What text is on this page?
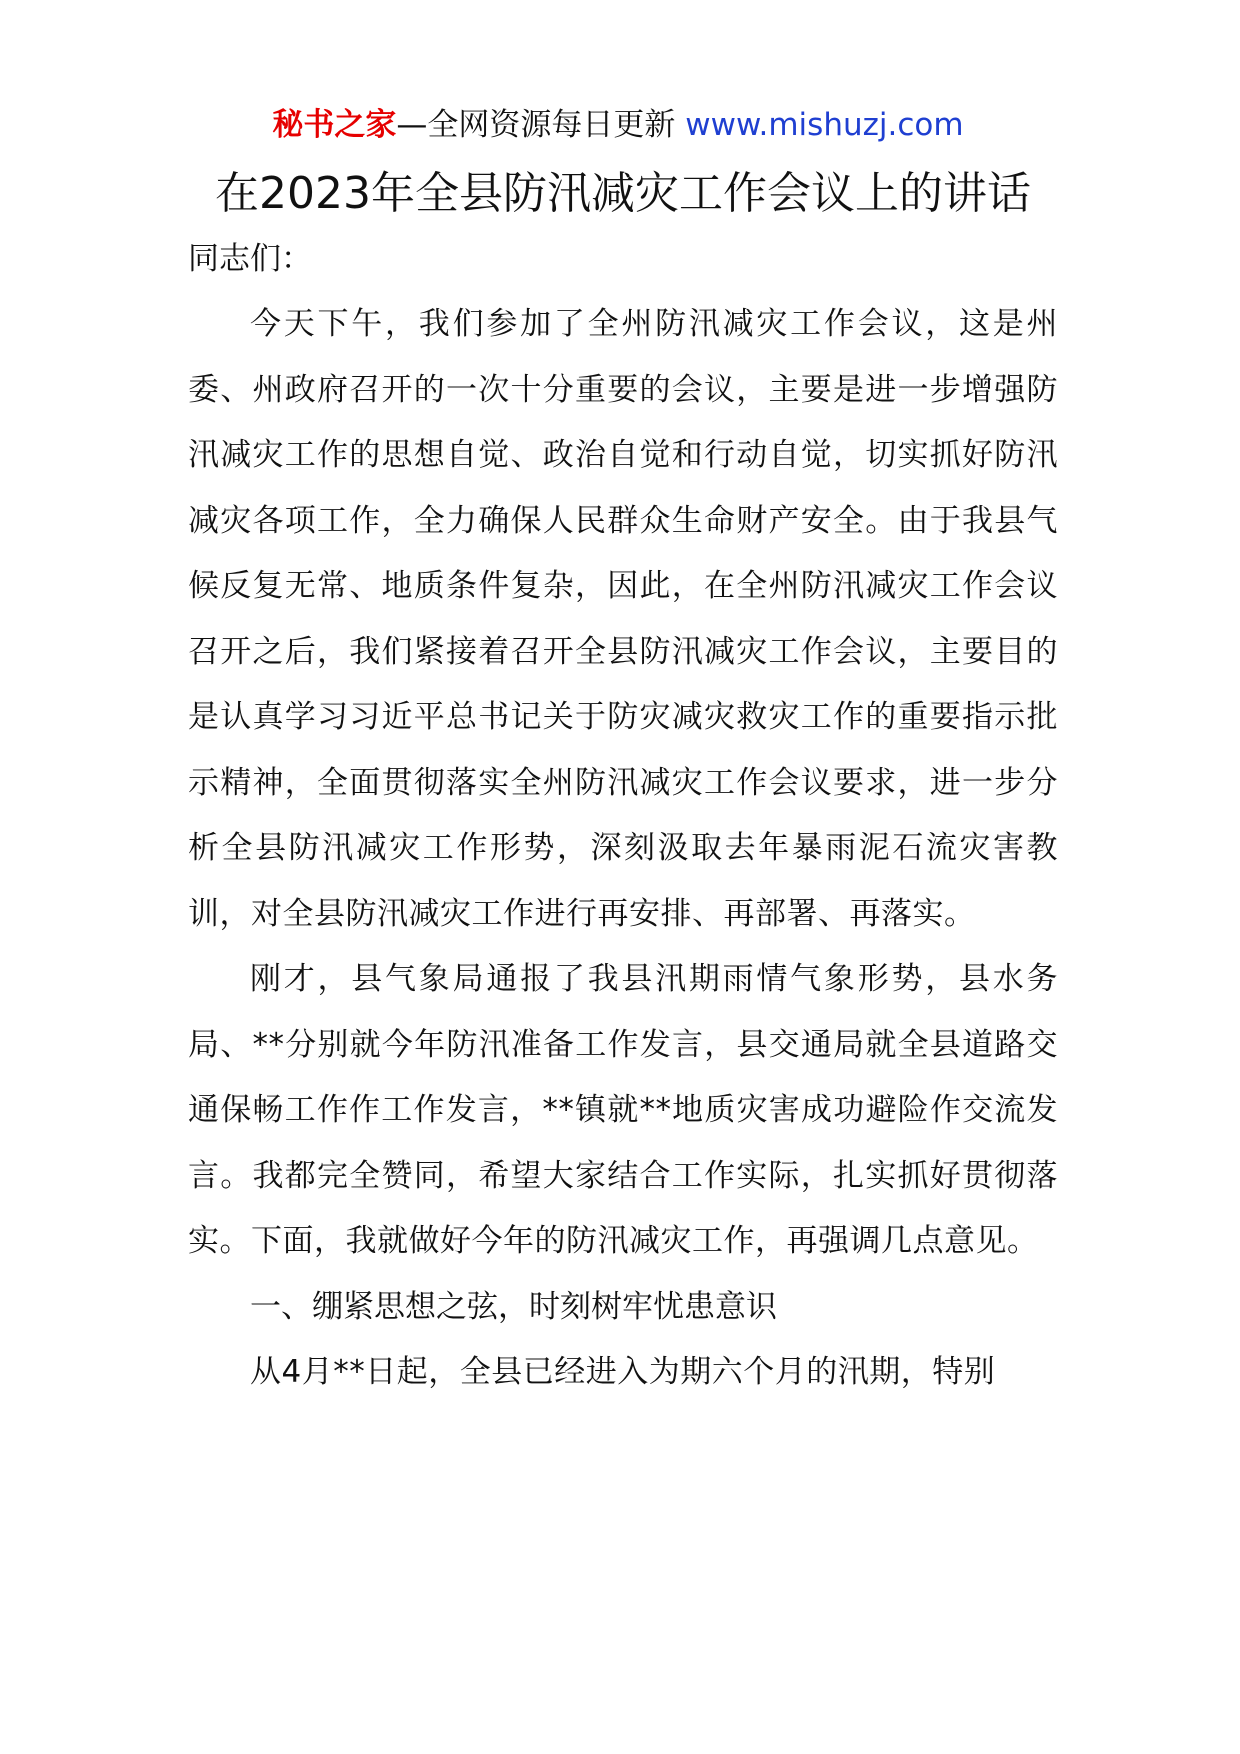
秘书之家—全网资源每日更新 www.mishuzj.com
在2023年全县防汛减灾工作会议上的讲话
同志们：

今天下午，我们参加了全州防汛减灾工作会议，这是州委、州政府召开的一次十分重要的会议，主要是进一步增强防汛减灾工作的思想自觉、政治自觉和行动自觉，切实抓好防汛减灾各项工作，全力确保人民群众生命财产安全。由于我县气候反复无常、地质条件复杂，因此，在全州防汛减灾工作会议召开之后，我们紧接着召开全县防汛减灾工作会议，主要目的是认真学习习近平总书记关于防灾减灾救灾工作的重要指示批示精神，全面贯彻落实全州防汛减灾工作会议要求，进一步分析全县防汛减灾工作形势，深刻汲取去年暴雨泥石流灾害教训，对全县防汛减灾工作进行再安排、再部署、再落实。

刚才，县气象局通报了我县汛期雨情气象形势，县水务局、**分别就今年防汛准备工作发言，县交通局就全县道路交通保畅工作作工作发言，**镇就**地质灾害成功避险作交流发言。我都完全赞同，希望大家结合工作实际，扎实抓好贯彻落实。下面，我就做好今年的防汛减灾工作，再强调几点意见。

一、绷紧思想之弦，时刻树牢忧患意识

从4月**日起，全县已经进入为期六个月的汛期，特别
